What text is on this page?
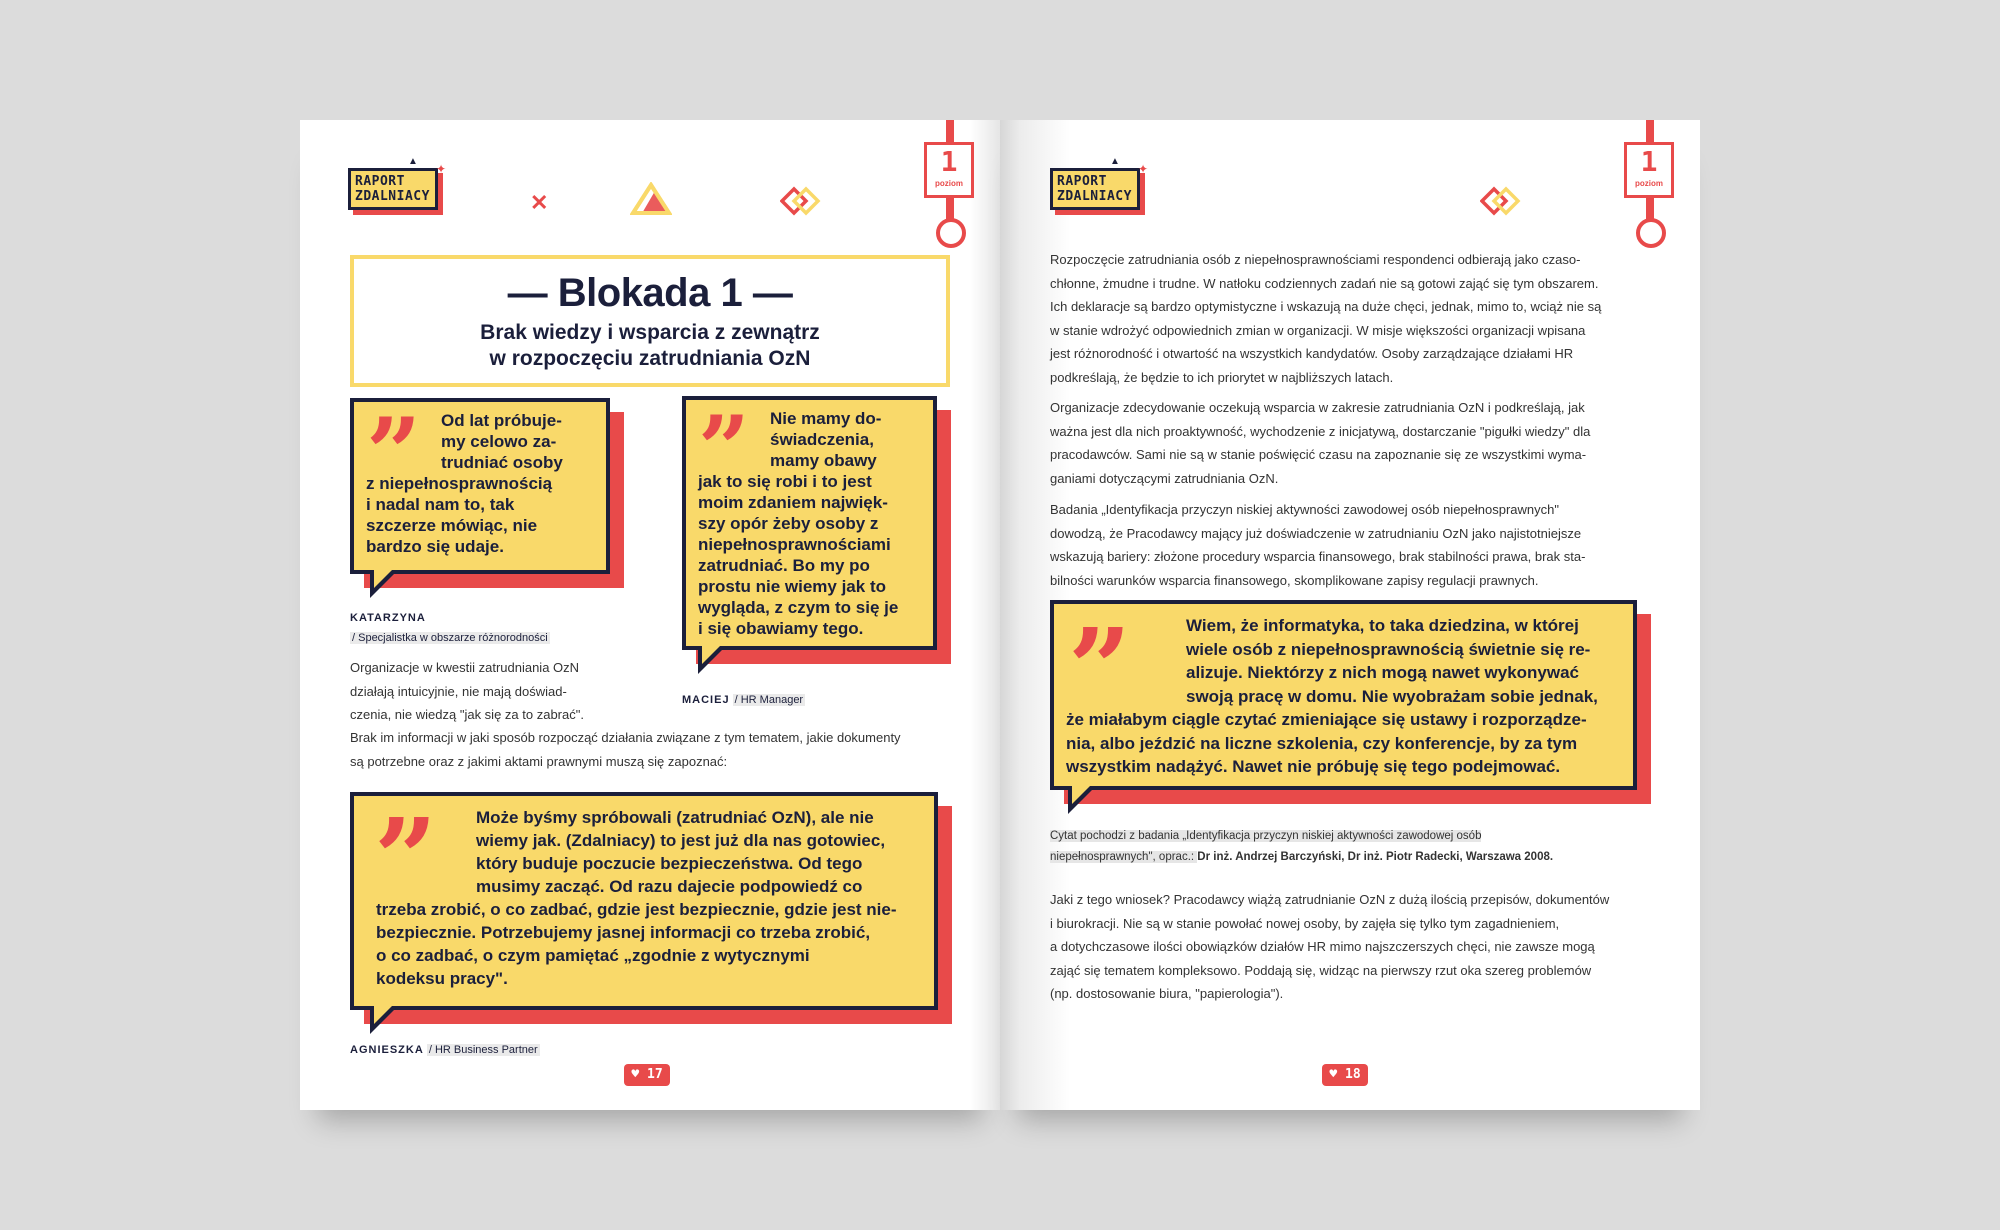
RAPORT
ZDALNIACY
✦
▲
✕
1
poziom
— Blokada 1 —
Brak wiedzy i wsparcia z zewnątrz
w rozpoczęciu zatrudniania OzN
”	Od lat próbuje-
my celowo za-
trudniać osoby
z niepełnosprawnością
i nadal nam to, tak
szczerze mówiąc, nie
bardzo się udaje.
KATARZYNA
/ Specjalistka w obszarze różnorodności
”	Nie mamy do-
świadczenia,
mamy obawy
jak to się robi i to jest
moim zdaniem najwięk-
szy opór żeby osoby z
niepełnosprawnościami
zatrudniać. Bo my po
prostu nie wiemy jak to
wygląda, z czym to się je
i się obawiamy tego.
MACIEJ / HR Manager
Organizacje w kwestii zatrudniania OzN
działają intuicyjnie, nie mają doświad-
czenia, nie wiedzą "jak się za to zabrać".
Brak im informacji w jaki sposób rozpocząć działania związane z tym tematem, jakie dokumenty
są potrzebne oraz z jakimi aktami prawnymi muszą się zapoznać:
”	Może byśmy spróbowali (zatrudniać OzN), ale nie
wiemy jak. (Zdalniacy) to jest już dla nas gotowiec,
który buduje poczucie bezpieczeństwa. Od tego
musimy zacząć. Od razu dajecie podpowiedź co
trzeba zrobić, o co zadbać, gdzie jest bezpiecznie, gdzie jest nie-
bezpiecznie. Potrzebujemy jasnej informacji co trzeba zrobić,
o co zadbać, o czym pamiętać „zgodnie z wytycznymi
kodeksu pracy".
AGNIESZKA / HR Business Partner
♥ 17
RAPORT
ZDALNIACY
✦
▲	1
poziom
Rozpoczęcie zatrudniania osób z niepełnosprawnościami respondenci odbierają jako czaso-
chłonne, żmudne i trudne. W natłoku codziennych zadań nie są gotowi zająć się tym obszarem.
Ich deklaracje są bardzo optymistyczne i wskazują na duże chęci, jednak, mimo to, wciąż nie są
w stanie wdrożyć odpowiednich zmian w organizacji. W misje większości organizacji wpisana
jest różnorodność i otwartość na wszystkich kandydatów. Osoby zarządzające działami HR
podkreślają, że będzie to ich priorytet w najbliższych latach.
Organizacje zdecydowanie oczekują wsparcia w zakresie zatrudniania OzN i podkreślają, jak
ważna jest dla nich proaktywność, wychodzenie z inicjatywą, dostarczanie "pigułki wiedzy" dla
pracodawców. Sami nie są w stanie poświęcić czasu na zapoznanie się ze wszystkimi wyma-
ganiami dotyczącymi zatrudniania OzN.
Badania „Identyfikacja przyczyn niskiej aktywności zawodowej osób niepełnosprawnych"
dowodzą, że Pracodawcy mający już doświadczenie w zatrudnianiu OzN jako najistotniejsze
wskazują bariery: złożone procedury wsparcia finansowego, brak stabilności prawa, brak sta-
bilności warunków wsparcia finansowego, skomplikowane zapisy regulacji prawnych.
”	Wiem, że informatyka, to taka dziedzina, w której
wiele osób z niepełnosprawnością świetnie się re-
alizuje. Niektórzy z nich mogą nawet wykonywać
swoją pracę w domu. Nie wyobrażam sobie jednak,
że miałabym ciągle czytać zmieniające się ustawy i rozporządze-
nia, albo jeździć na liczne szkolenia, czy konferencje, by za tym
wszystkim nadążyć. Nawet nie próbuję się tego podejmować.
Cytat pochodzi z badania „Identyfikacja przyczyn niskiej aktywności zawodowej osób
niepełnosprawnych", oprac.: Dr inż. Andrzej Barczyński, Dr inż. Piotr Radecki, Warszawa 2008.
Jaki z tego wniosek? Pracodawcy wiążą zatrudnianie OzN z dużą ilością przepisów, dokumentów
i biurokracji. Nie są w stanie powołać nowej osoby, by zajęła się tylko tym zagadnieniem,
a dotychczasowe ilości obowiązków działów HR mimo najszczerszych chęci, nie zawsze mogą
zająć się tematem kompleksowo. Poddają się, widząc na pierwszy rzut oka szereg problemów
(np. dostosowanie biura, "papierologia").
♥ 18
